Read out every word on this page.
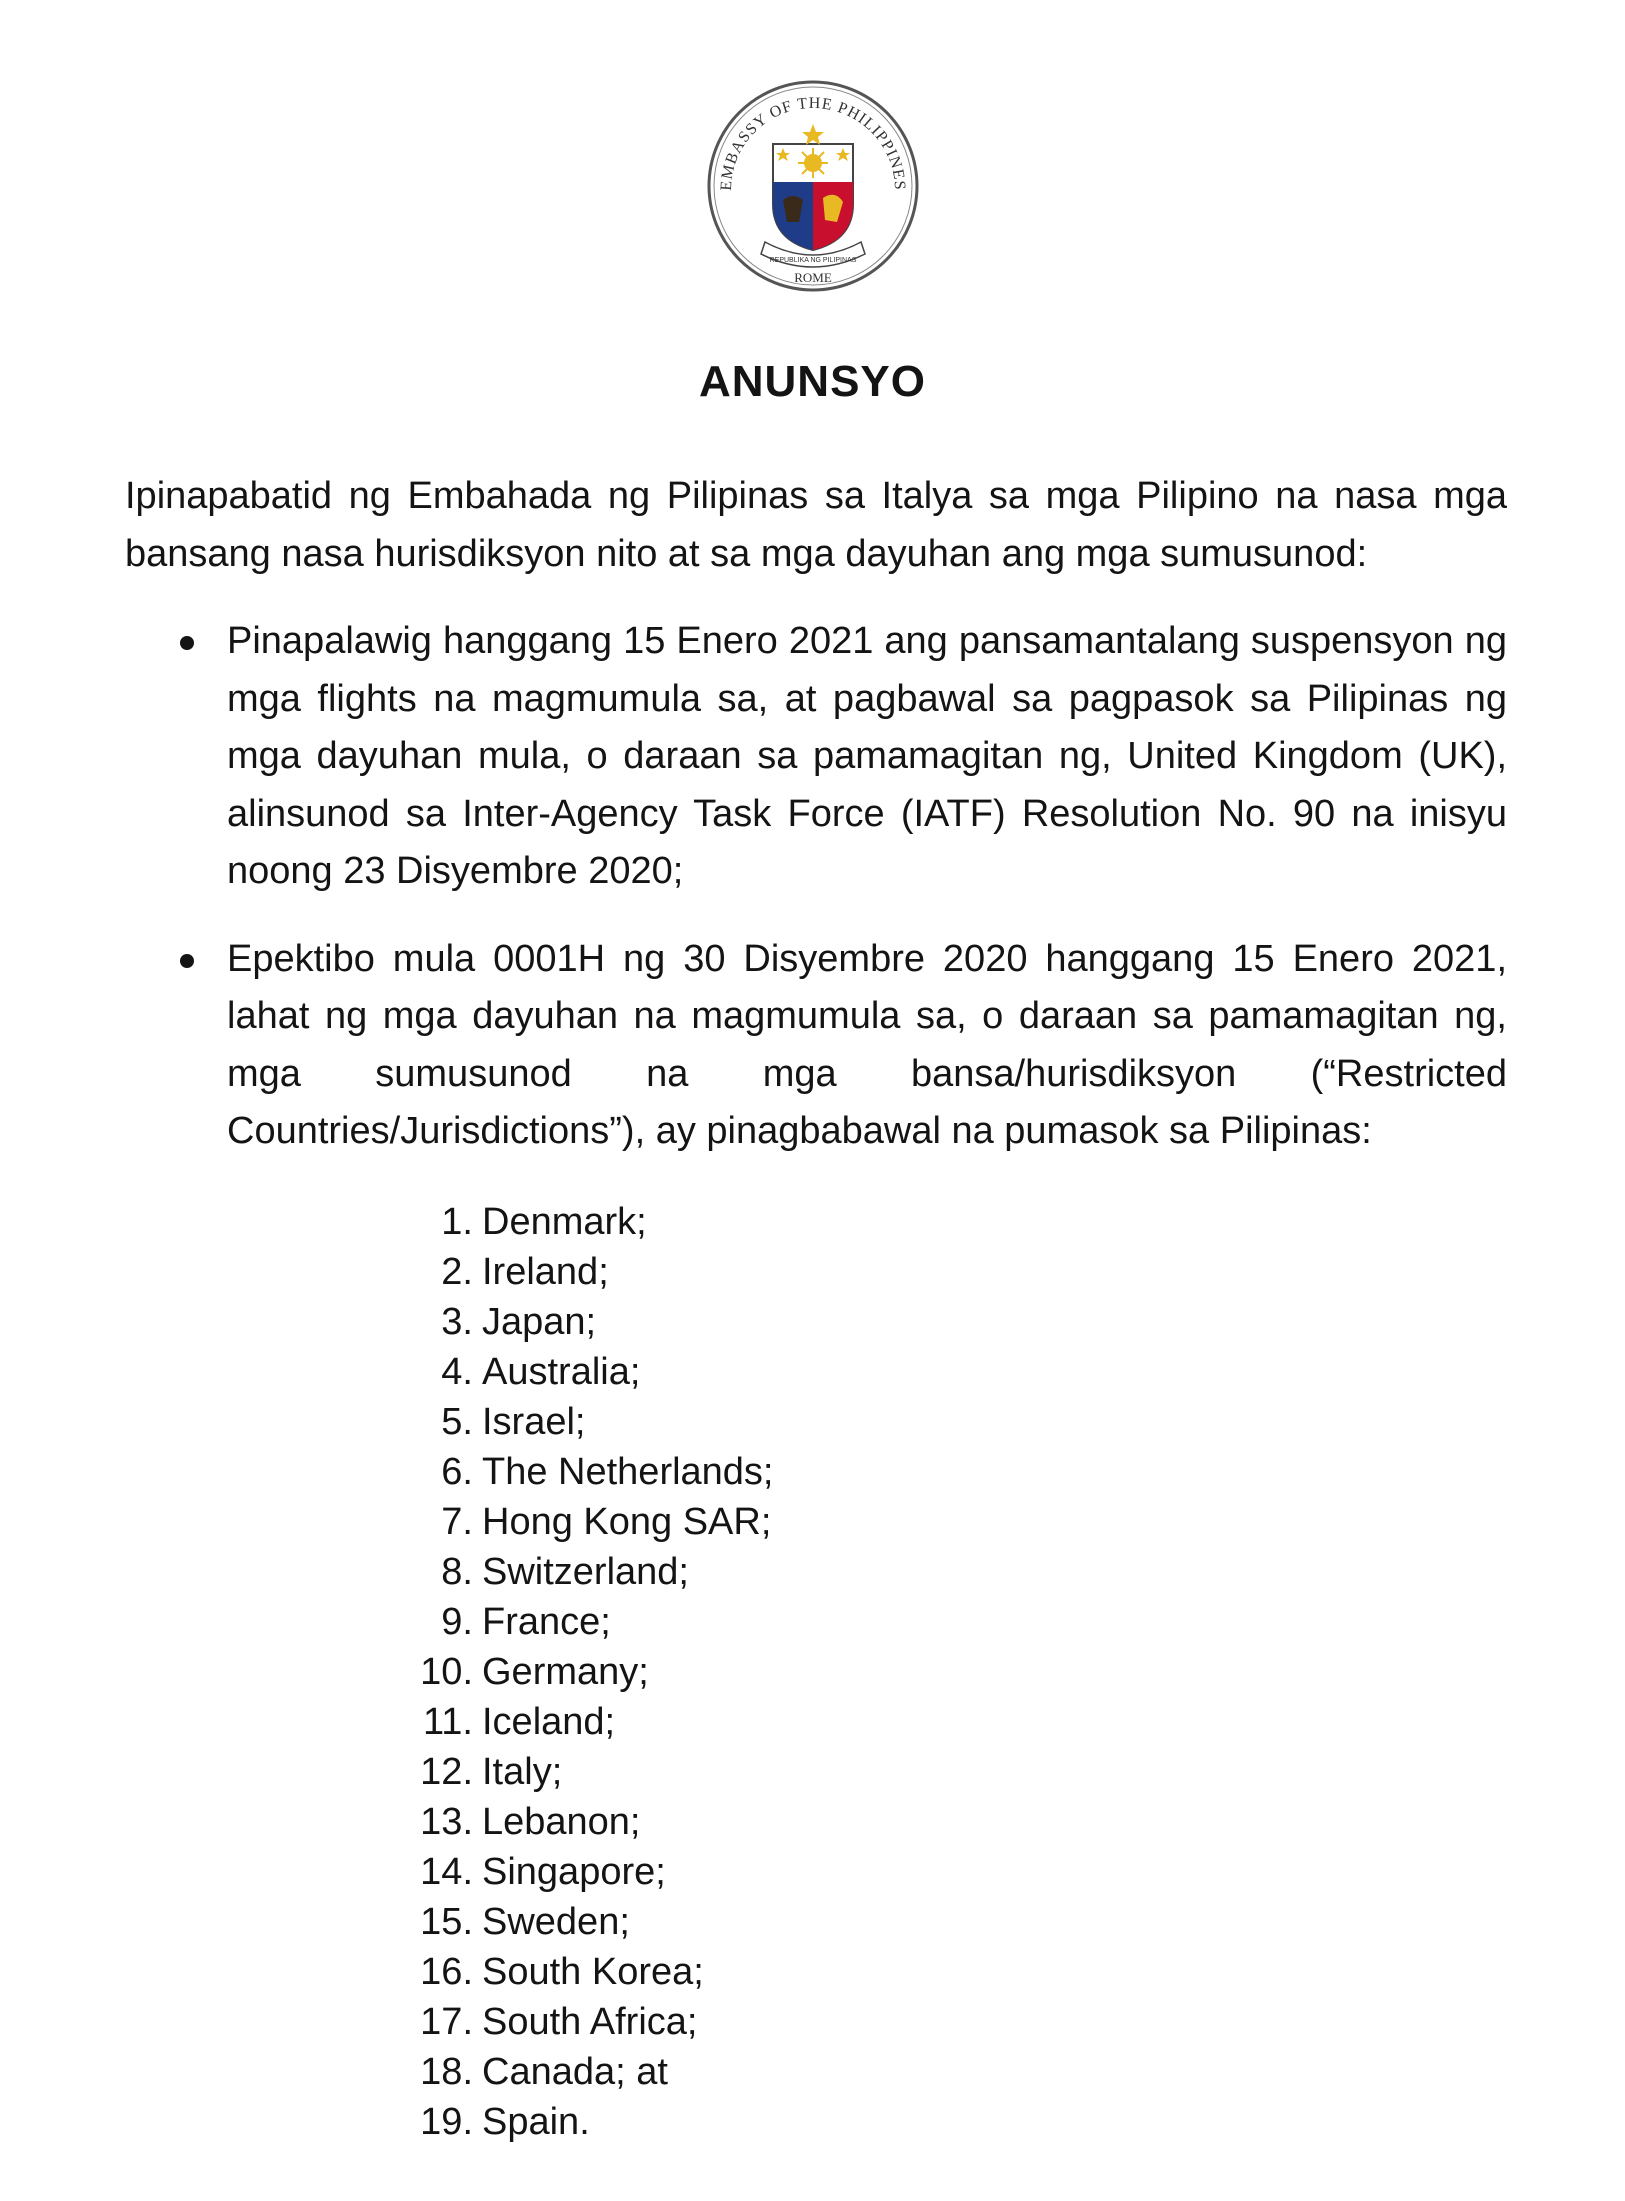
EMBASSY OF THE PHILIPPINES
REPUBLIKA NG PILIPINAS
ROME
ANUNSYO

Ipinapabatid ng Embahada ng Pilipinas sa Italya sa mga Pilipino na nasa mga bansang nasa hurisdiksyon nito at sa mga dayuhan ang mga sumusunod:

Pinapalawig hanggang 15 Enero 2021 ang pansamantalang suspensyon ng mga flights na magmumula sa, at pagbawal sa pagpasok sa Pilipinas ng mga dayuhan mula, o daraan sa pamamagitan ng, United Kingdom (UK), alinsunod sa Inter-Agency Task Force (IATF) Resolution No. 90 na inisyu noong 23 Disyembre 2020;
Epektibo mula 0001H ng 30 Disyembre 2020 hanggang 15 Enero 2021, lahat ng mga dayuhan na magmumula sa, o daraan sa pamamagitan ng, mga sumusunod na mga bansa/hurisdiksyon (“Restricted Countries/Jurisdictions”), ay pinagbabawal na pumasok sa Pilipinas:
1. Denmark;
2. Ireland;
3. Japan;
4. Australia;
5. Israel;
6. The Netherlands;
7. Hong Kong SAR;
8. Switzerland;
9. France;
10. Germany;
11. Iceland;
12. Italy;
13. Lebanon;
14. Singapore;
15. Sweden;
16. South Korea;
17. South Africa;
18. Canada; at
19. Spain.
